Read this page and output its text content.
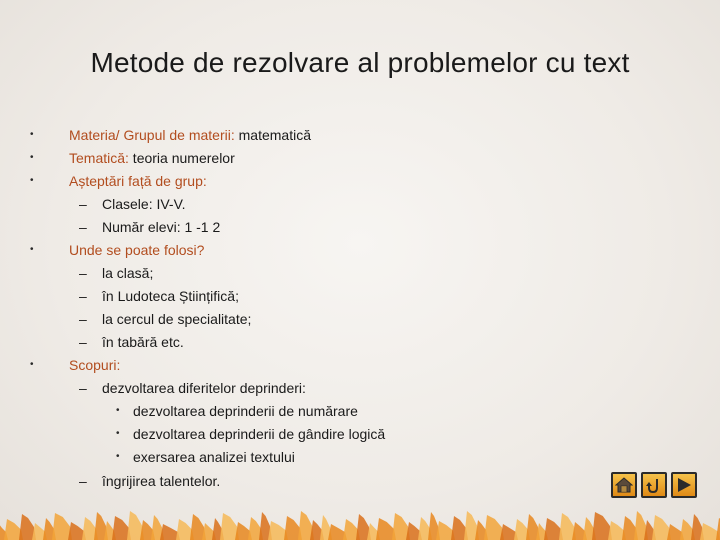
Metode de rezolvare al problemelor cu text
•	Materia/ Grupul de materii: matematică
•	Tematică: teoria numerelor
•	Așteptări față de grup:
– Clasele: IV-V.
– Număr elevi: 1 -1 2
•	Unde se poate folosi?
– la clasă;
– în Ludoteca Științifică;
– la cercul de specialitate;
– în tabără etc.
•	Scopuri:
– dezvoltarea diferitelor deprinderi:
• dezvoltarea deprinderii de numărare
• dezvoltarea deprinderii de gândire logică
• exersarea analizei textului
– îngrijirea talentelor.
